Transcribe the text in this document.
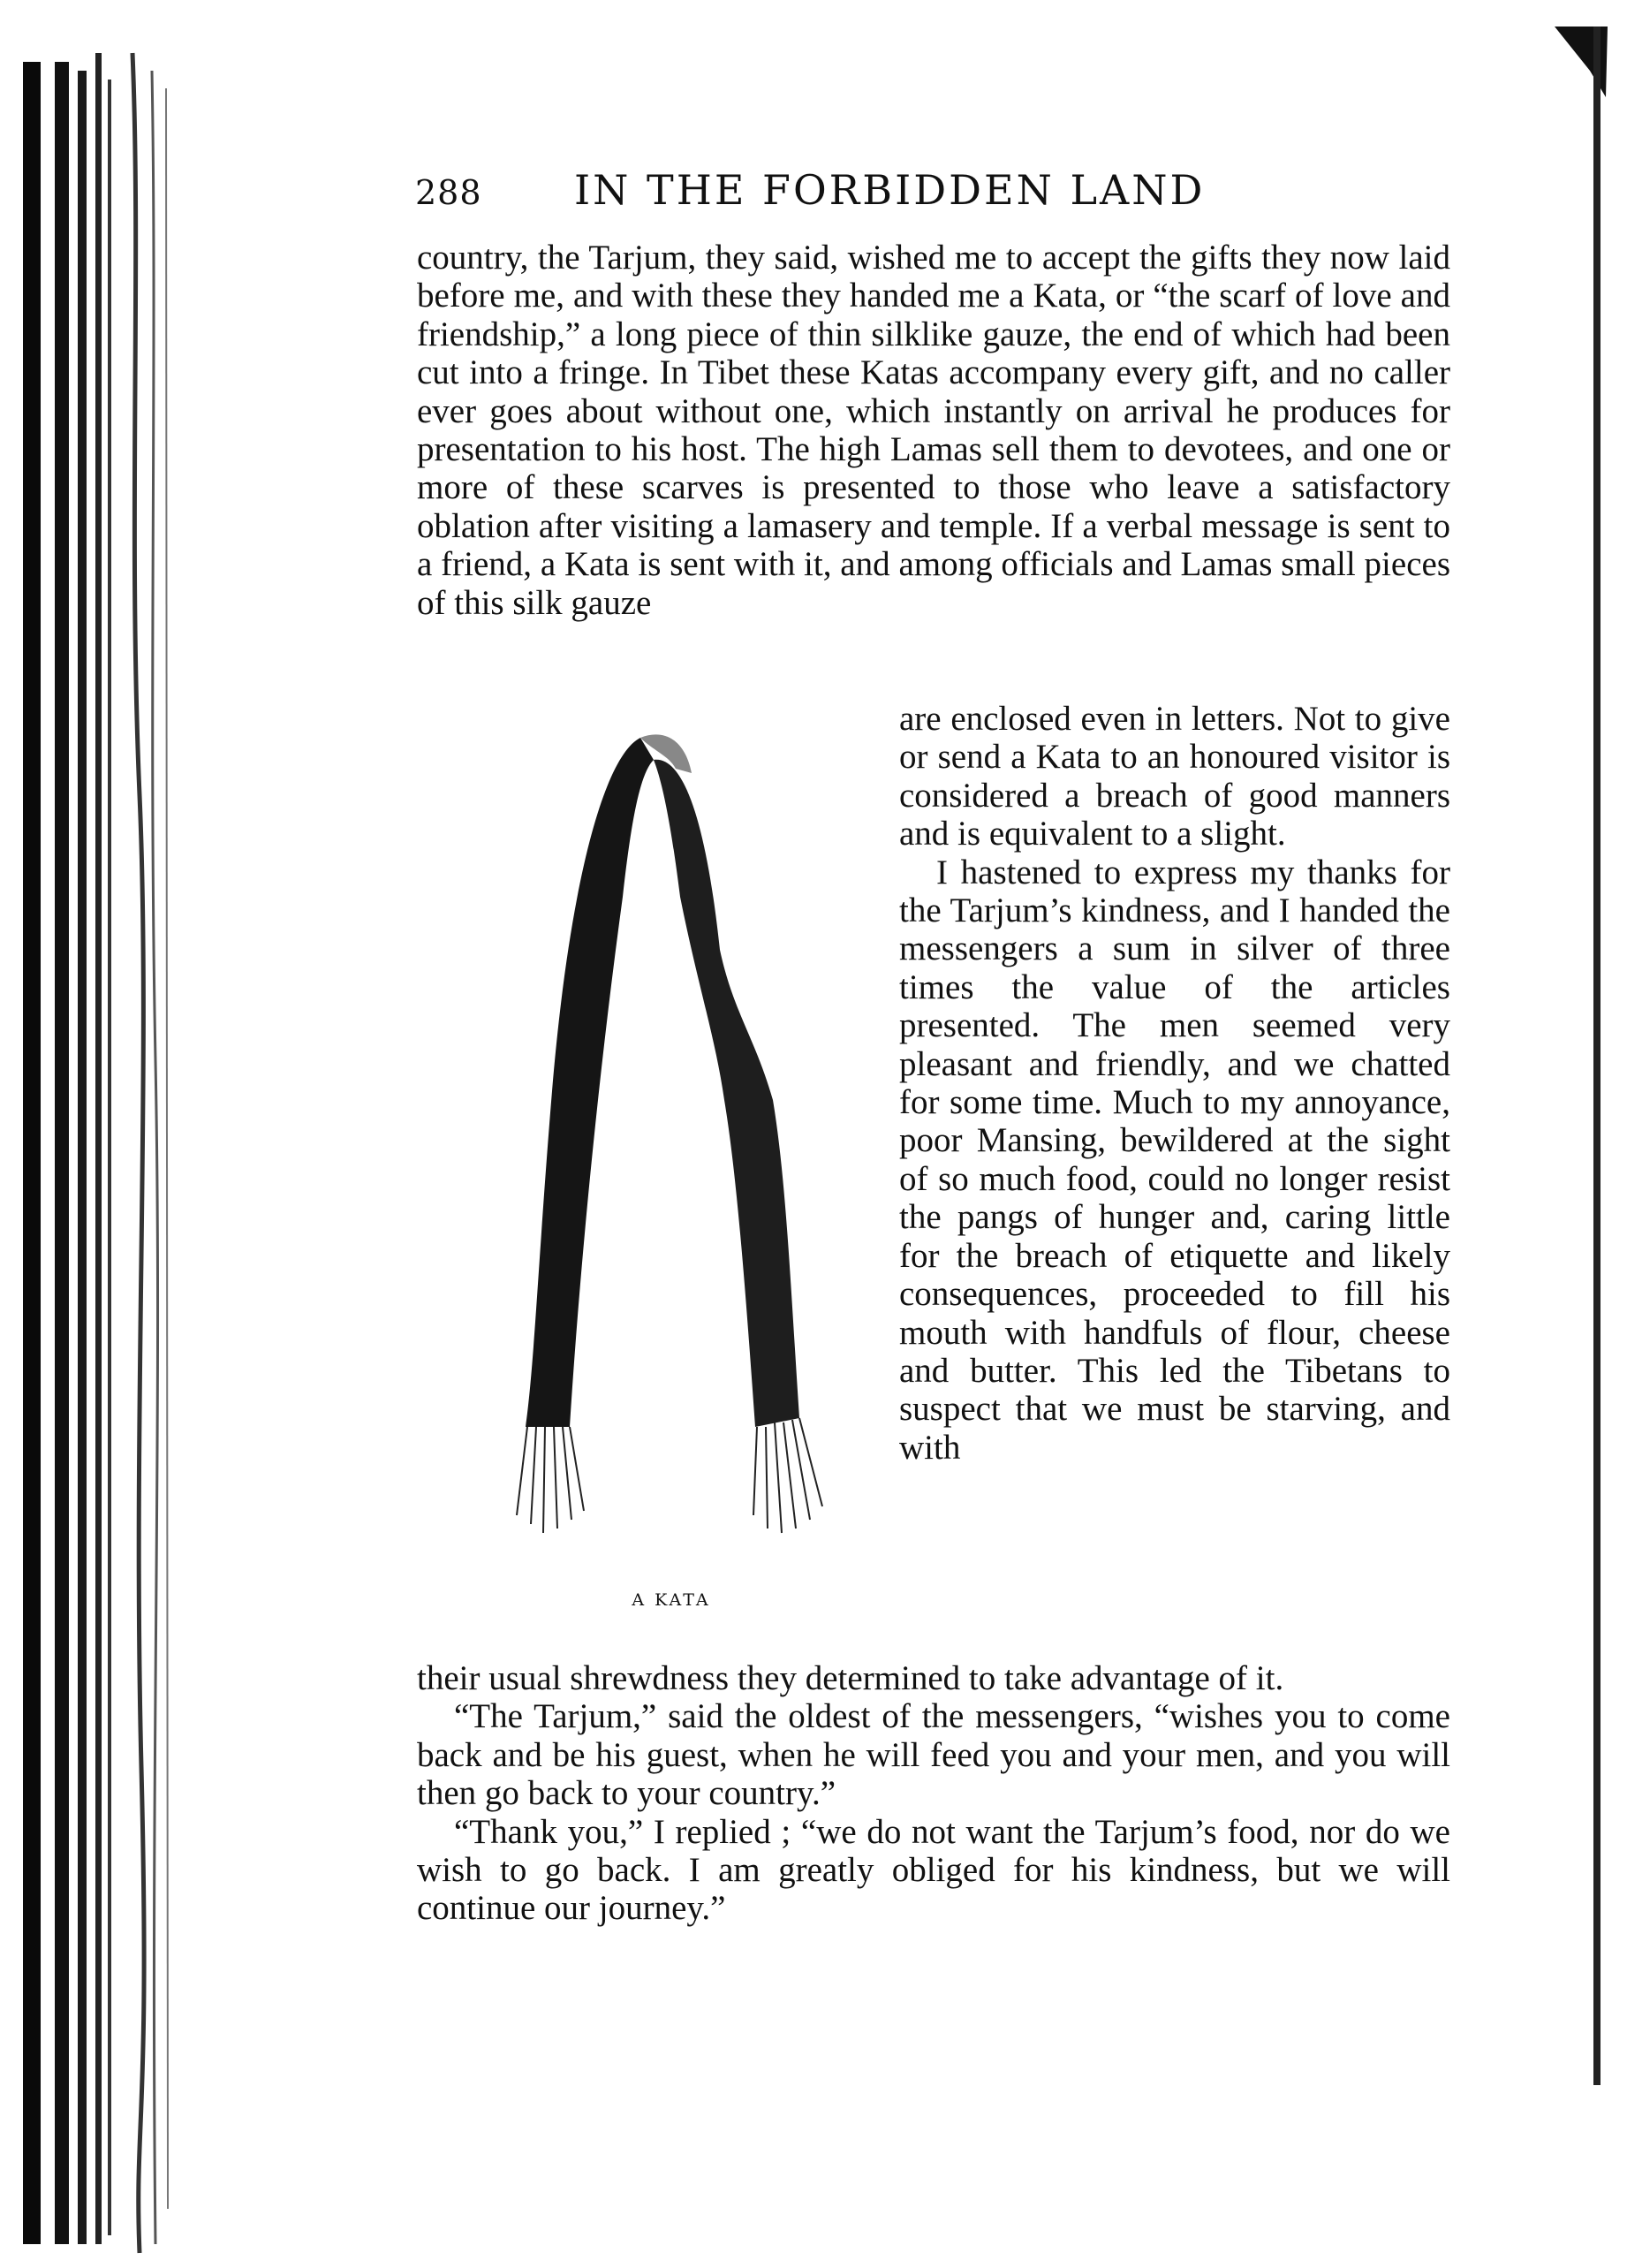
288 IN THE FORBIDDEN LAND

country, the Tarjum, they said, wished me to accept the gifts they now laid before me, and with these they handed me a Kata, or “the scarf of love and friendship,” a long piece of thin silklike gauze, the end of which had been cut into a fringe. In Tibet these Katas accompany every gift, and no caller ever goes about without one, which instantly on arrival he produces for presentation to his host. The high Lamas sell them to devotees, and one or more of these scarves is presented to those who leave a satisfactory oblation after visiting a lamasery and temple. If a verbal message is sent to a friend, a Kata is sent with it, and among officials and Lamas small pieces of this silk gauze

A KATA

are enclosed even in letters. Not to give or send a Kata to an honoured visitor is considered a breach of good manners and is equivalent to a slight.

I hastened to express my thanks for the Tarjum’s kindness, and I handed the messengers a sum in silver of three times the value of the articles presented. The men seemed very pleasant and friendly, and we chatted for some time. Much to my annoyance, poor Mansing, bewildered at the sight of so much food, could no longer resist the pangs of hunger and, caring little for the breach of etiquette and likely consequences, proceeded to fill his mouth with handfuls of flour, cheese and butter. This led the Tibetans to suspect that we must be starving, and with

their usual shrewdness they determined to take advantage of it.

“The Tarjum,” said the oldest of the messengers, “wishes you to come back and be his guest, when he will feed you and your men, and you will then go back to your country.”

“Thank you,” I replied ; “we do not want the Tarjum’s food, nor do we wish to go back. I am greatly obliged for his kindness, but we will continue our journey.”
